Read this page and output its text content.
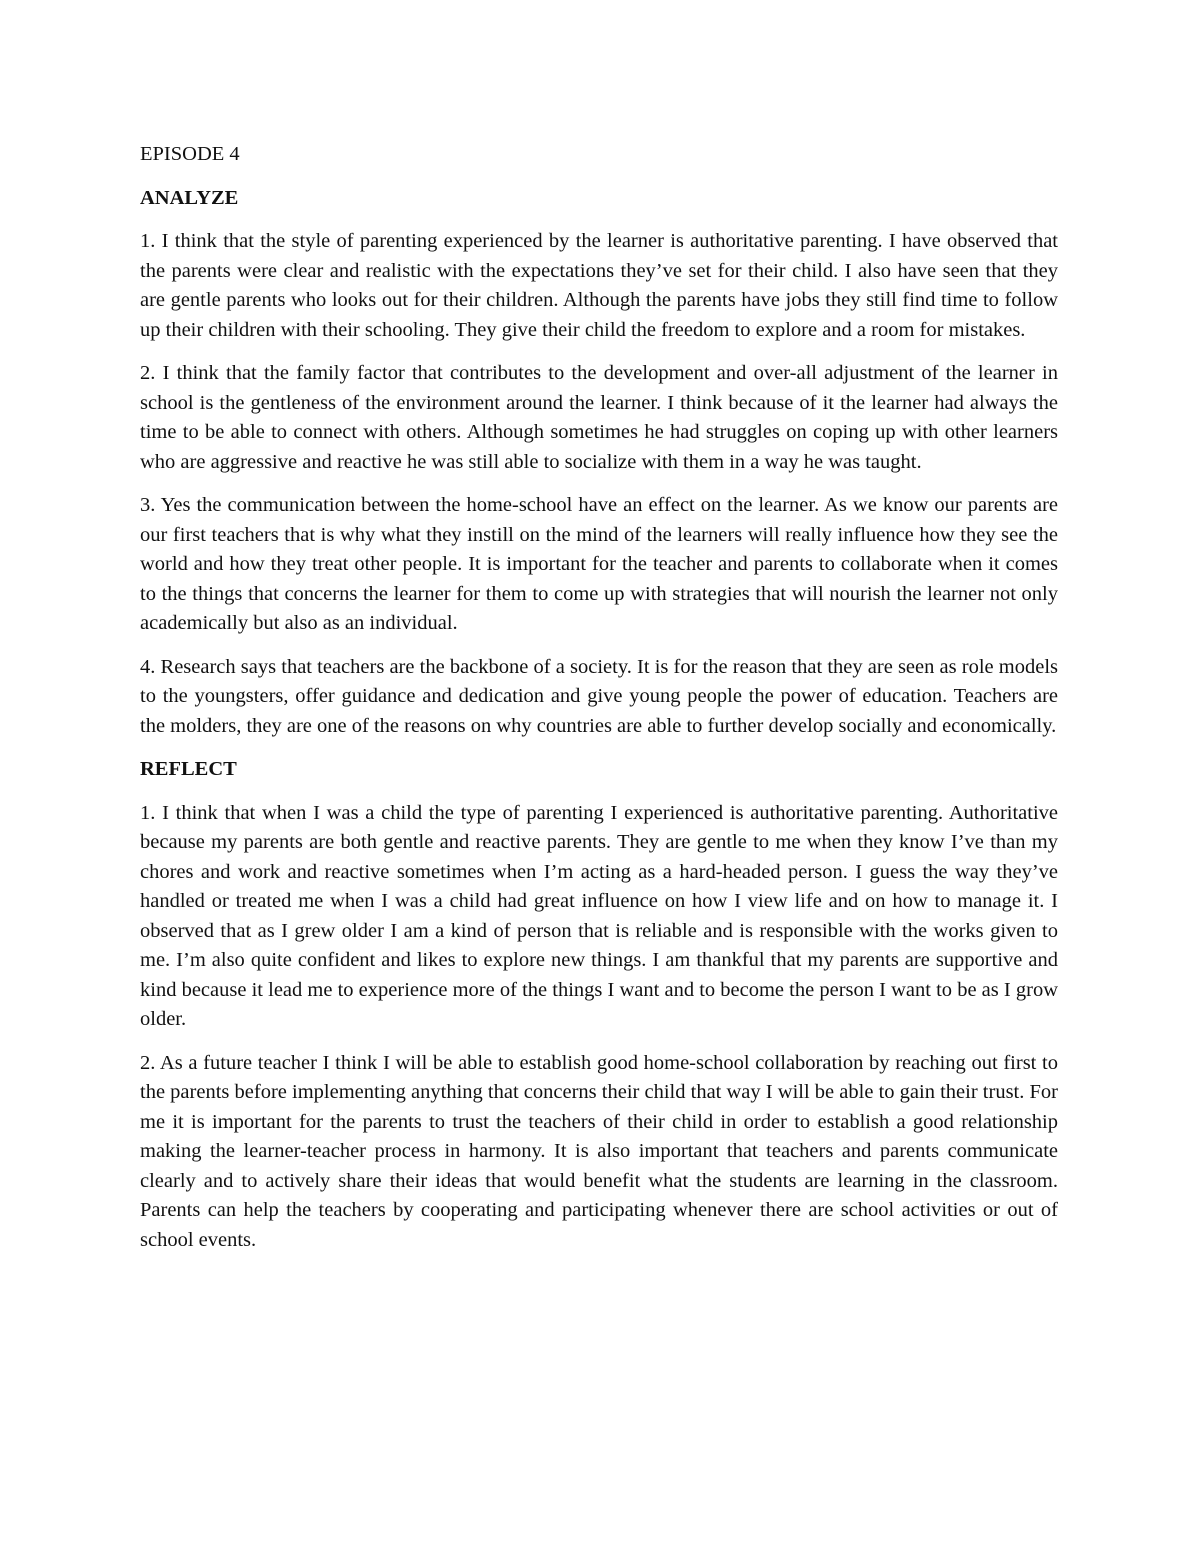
EPISODE 4

ANALYZE

1. I think that the style of parenting experienced by the learner is authoritative parenting. I have observed that the parents were clear and realistic with the expectations they’ve set for their child. I also have seen that they are gentle parents who looks out for their children. Although the parents have jobs they still find time to follow up their children with their schooling. They give their child the freedom to explore and a room for mistakes.

2. I think that the family factor that contributes to the development and over-all adjustment of the learner in school is the gentleness of the environment around the learner. I think because of it the learner had always the time to be able to connect with others. Although sometimes he had struggles on coping up with other learners who are aggressive and reactive he was still able to socialize with them in a way he was taught.

3. Yes the communication between the home-school have an effect on the learner. As we know our parents are our first teachers that is why what they instill on the mind of the learners will really influence how they see the world and how they treat other people. It is important for the teacher and parents to collaborate when it comes to the things that concerns the learner for them to come up with strategies that will nourish the learner not only academically but also as an individual.

4. Research says that teachers are the backbone of a society. It is for the reason that they are seen as role models to the youngsters, offer guidance and dedication and give young people the power of education. Teachers are the molders, they are one of the reasons on why countries are able to further develop socially and economically.

REFLECT

1. I think that when I was a child the type of parenting I experienced is authoritative parenting. Authoritative because my parents are both gentle and reactive parents. They are gentle to me when they know I’ve than my chores and work and reactive sometimes when I’m acting as a hard-headed person. I guess the way they’ve handled or treated me when I was a child had great influence on how I view life and on how to manage it. I observed that as I grew older I am a kind of person that is reliable and is responsible with the works given to me. I’m also quite confident and likes to explore new things. I am thankful that my parents are supportive and kind because it lead me to experience more of the things I want and to become the person I want to be as I grow older.

2. As a future teacher I think I will be able to establish good home-school collaboration by reaching out first to the parents before implementing anything that concerns their child that way I will be able to gain their trust. For me it is important for the parents to trust the teachers of their child in order to establish a good relationship making the learner-teacher process in harmony. It is also important that teachers and parents communicate clearly and to actively share their ideas that would benefit what the students are learning in the classroom. Parents can help the teachers by cooperating and participating whenever there are school activities or out of school events.
